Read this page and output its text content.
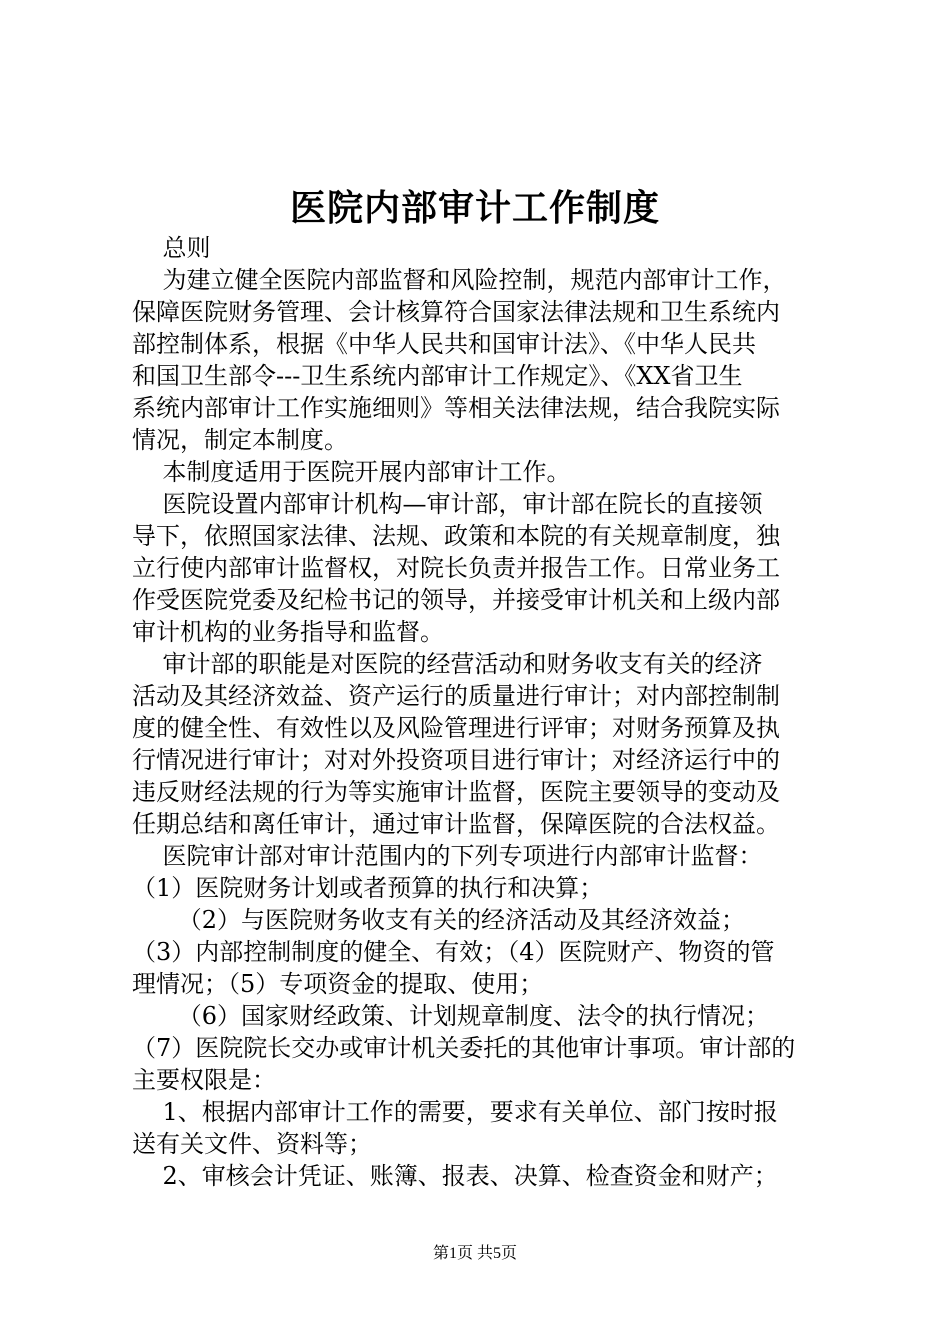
医院内部审计工作制度
总则
为建立健全医院内部监督和风险控制，规范内部审计工作，
保障医院财务管理、会计核算符合国家法律法规和卫生系统内
部控制体系，根据《中华人民共和国审计法》、《中华人民共
和国卫生部令---卫生系统内部审计工作规定》、《XX省卫生
系统内部审计工作实施细则》等相关法律法规，结合我院实际
情况，制定本制度。
本制度适用于医院开展内部审计工作。
医院设置内部审计机构—审计部，审计部在院长的直接领
导下，依照国家法律、法规、政策和本院的有关规章制度，独
立行使内部审计监督权，对院长负责并报告工作。日常业务工
作受医院党委及纪检书记的领导，并接受审计机关和上级内部
审计机构的业务指导和监督。
审计部的职能是对医院的经营活动和财务收支有关的经济
活动及其经济效益、资产运行的质量进行审计；对内部控制制
度的健全性、有效性以及风险管理进行评审；对财务预算及执
行情况进行审计；对对外投资项目进行审计；对经济运行中的
违反财经法规的行为等实施审计监督，医院主要领导的变动及
任期总结和离任审计，通过审计监督，保障医院的合法权益。
医院审计部对审计范围内的下列专项进行内部审计监督：
（1）医院财务计划或者预算的执行和决算；
（2）与医院财务收支有关的经济活动及其经济效益；
（3）内部控制制度的健全、有效；（4）医院财产、物资的管
理情况；（5）专项资金的提取、使用；
（6）国家财经政策、计划规章制度、法令的执行情况；
（7）医院院长交办或审计机关委托的其他审计事项。审计部的
主要权限是：
1、根据内部审计工作的需要，要求有关单位、部门按时报
送有关文件、资料等；
2、审核会计凭证、账簿、报表、决算、检查资金和财产；
第1页 共5页
